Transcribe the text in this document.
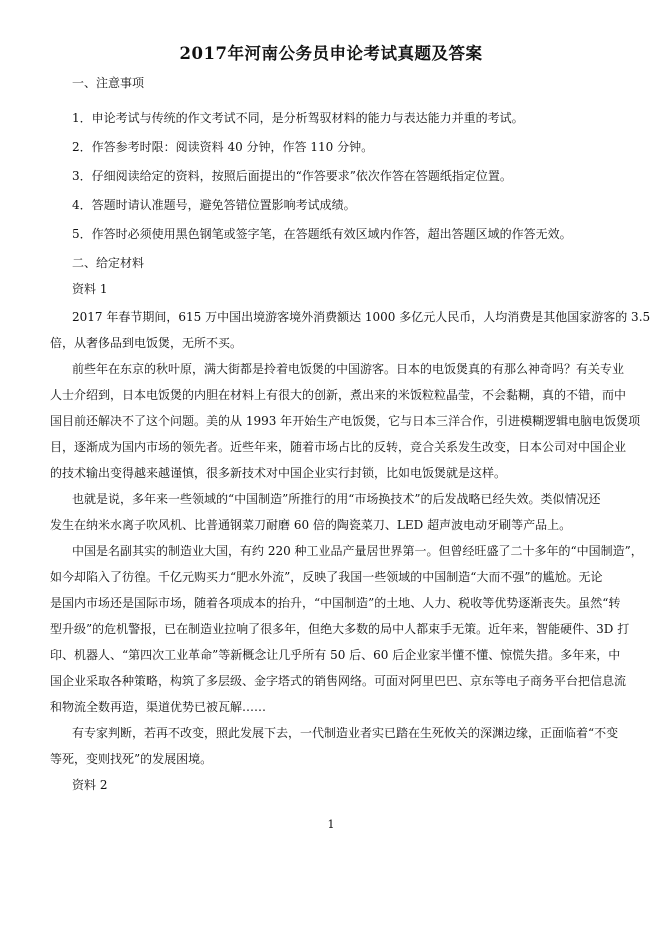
2017年河南公务员申论考试真题及答案

一、注意事项

1．申论考试与传统的作文考试不同，是分析驾驭材料的能力与表达能力并重的考试。

2．作答参考时限：阅读资料 40 分钟，作答 110 分钟。

3．仔细阅读给定的资料，按照后面提出的“作答要求”依次作答在答题纸指定位置。

4．答题时请认准题号，避免答错位置影响考试成绩。

5．作答时必须使用黑色钢笔或签字笔，在答题纸有效区域内作答，超出答题区域的作答无效。

二、给定材料

资料 1

2017 年春节期间，615 万中国出境游客境外消费额达 1000 多亿元人民币，人均消费是其他国家游客的 3.5
倍，从奢侈品到电饭煲，无所不买。
前些年在东京的秋叶原，满大街都是拎着电饭煲的中国游客。日本的电饭煲真的有那么神奇吗？有关专业
人士介绍到，日本电饭煲的内胆在材料上有很大的创新，煮出来的米饭粒粒晶莹，不会黏糊，真的不错，而中
国目前还解决不了这个问题。美的从 1993 年开始生产电饭煲，它与日本三洋合作，引进模糊逻辑电脑电饭煲项
目，逐渐成为国内市场的领先者。近些年来，随着市场占比的反转，竞合关系发生改变，日本公司对中国企业
的技术输出变得越来越谨慎，很多新技术对中国企业实行封锁，比如电饭煲就是这样。
也就是说，多年来一些领域的“中国制造”所推行的用“市场换技术”的后发战略已经失效。类似情况还
发生在纳米水离子吹风机、比普通钢菜刀耐磨 60 倍的陶瓷菜刀、LED 超声波电动牙刷等产品上。
中国是名副其实的制造业大国，有约 220 种工业品产量居世界第一。但曾经旺盛了二十多年的“中国制造”，
如今却陷入了彷徨。千亿元购买力“肥水外流”，反映了我国一些领域的中国制造“大而不强”的尴尬。无论
是国内市场还是国际市场，随着各项成本的抬升，“中国制造”的土地、人力、税收等优势逐渐丧失。虽然“转
型升级”的危机警报，已在制造业拉响了很多年，但绝大多数的局中人都束手无策。近年来，智能硬件、3D 打
印、机器人、“第四次工业革命”等新概念让几乎所有 50 后、60 后企业家半懂不懂、惊慌失措。多年来，中
国企业采取各种策略，构筑了多层级、金字塔式的销售网络。可面对阿里巴巴、京东等电子商务平台把信息流
和物流全数再造，渠道优势已被瓦解……
有专家判断，若再不改变，照此发展下去，一代制造业者实已踏在生死攸关的深渊边缘，正面临着“不变
等死，变则找死”的发展困境。

资料 2

1
